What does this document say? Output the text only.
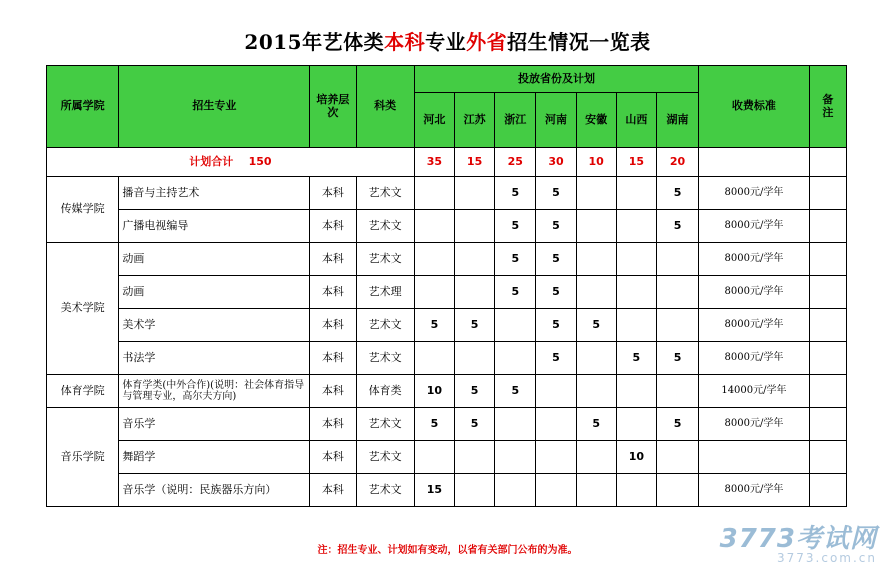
2015年艺体类本科专业外省招生情况一览表
所属学院	招生专业	培养层次	科类	投放省份及计划							收费标准	备注
				河北	江苏	浙江	河南	安徽	山西	湖南		
计划合计    150				35	15	25	30	10	15	20		
传媒学院	播音与主持艺术	本科	艺术文			5	5			5	8000元/学年	
	广播电视编导	本科	艺术文			5	5			5	8000元/学年	
美术学院	动画	本科	艺术文			5	5				8000元/学年	
	动画	本科	艺术理			5	5				8000元/学年	
	美术学	本科	艺术文	5	5		5	5			8000元/学年	
	书法学	本科	艺术文				5		5	5	8000元/学年	
体育学院	体育学类(中外合作)(说明：社会体育指导与管理专业，高尔夫方向)	本科	体育类	10	5	5					14000元/学年	
音乐学院	音乐学	本科	艺术文	5	5			5		5	8000元/学年	
	舞蹈学	本科	艺术文						10			
	音乐学（说明：民族器乐方向）	本科	艺术文	15							8000元/学年	
注：招生专业、计划如有变动，以省有关部门公布的为准。	3773考试网
3773.com.cn
